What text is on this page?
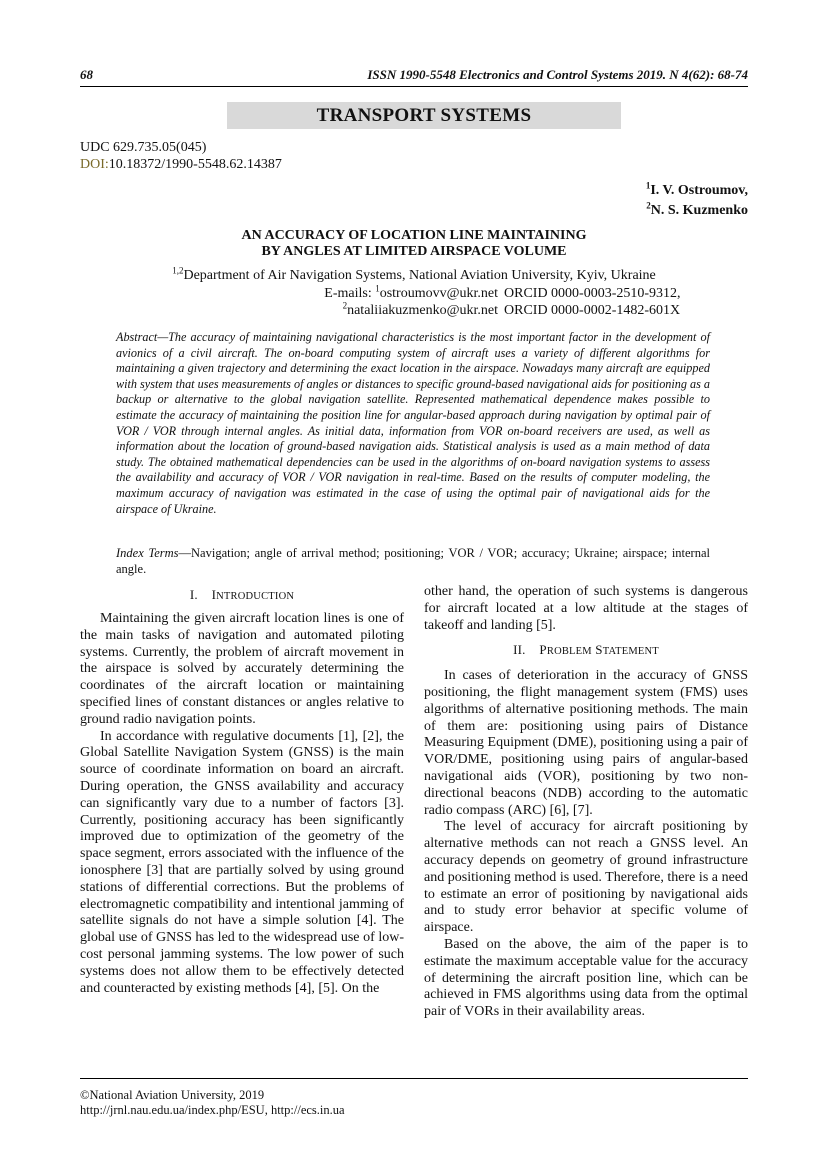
68	ISSN 1990-5548 Electronics and Control Systems 2019. N 4(62): 68-74
TRANSPORT SYSTEMS
UDC 629.735.05(045)
DOI:10.18372/1990-5548.62.14387
$^1$I. V. Ostroumov,
$^2$N. S. Kuzmenko
AN ACCURACY OF LOCATION LINE MAINTAINING
BY ANGLES AT LIMITED AIRSPACE VOLUME
$^{1,2}$Department of Air Navigation Systems, National Aviation University, Kyiv, Ukraine
E-mails: $^1$ostroumovv@ukr.net ORCID 0000-0003-2510-9312,
$^2$nataliiakuzmenko@ukr.net ORCID 0000-0002-1482-601X
Abstract—The accuracy of maintaining navigational characteristics is the most important factor in the development of avionics of a civil aircraft. The on-board computing system of aircraft uses a variety of different algorithms for maintaining a given trajectory and determining the exact location in the airspace. Nowadays many aircraft are equipped with system that uses measurements of angles or distances to specific ground-based navigational aids for positioning as a backup or alternative to the global navigation satellite. Represented mathematical dependence makes possible to estimate the accuracy of maintaining the position line for angular-based approach during navigation by optimal pair of VOR / VOR through internal angles. As initial data, information from VOR on-board receivers are used, as well as information about the location of ground-based navigation aids. Statistical analysis is used as a main method of data study. The obtained mathematical dependencies can be used in the algorithms of on-board navigation systems to assess the availability and accuracy of VOR / VOR navigation in real-time. Based on the results of computer modeling, the maximum accuracy of navigation was estimated in the case of using the optimal pair of navigational aids for the airspace of Ukraine.
Index Terms—Navigation; angle of arrival method; positioning; VOR / VOR; accuracy; Ukraine; airspace; internal angle.
I. INTRODUCTION

Maintaining the given aircraft location lines is one of the main tasks of navigation and automated piloting systems. Currently, the problem of aircraft movement in the airspace is solved by accurately determining the coordinates of the aircraft location or maintaining specified lines of constant distances or angles relative to ground radio navigation points.

In accordance with regulative documents [1], [2], the Global Satellite Navigation System (GNSS) is the main source of coordinate information on board an aircraft. During operation, the GNSS availability and accuracy can significantly vary due to a number of factors [3]. Currently, positioning accuracy has been significantly improved due to optimization of the geometry of the space segment, errors associated with the influence of the ionosphere [3] that are partially solved by using ground stations of differential corrections. But the problems of electromagnetic compatibility and intentional jamming of satellite signals do not have a simple solution [4]. The global use of GNSS has led to the widespread use of low-cost personal jamming systems. The low power of such systems does not allow them to be effectively detected and counteracted by existing methods [4], [5]. On the

other hand, the operation of such systems is dangerous for aircraft located at a low altitude at the stages of takeoff and landing [5].

II. PROBLEM STATEMENT

In cases of deterioration in the accuracy of GNSS positioning, the flight management system (FMS) uses algorithms of alternative positioning methods. The main of them are: positioning using pairs of Distance Measuring Equipment (DME), positioning using a pair of VOR/DME, positioning using pairs of angular-based navigational aids (VOR), positioning by two non-directional beacons (NDB) according to the automatic radio compass (ARC) [6], [7].

The level of accuracy for aircraft positioning by alternative methods can not reach a GNSS level. An accuracy depends on geometry of ground infrastructure and positioning method is used. Therefore, there is a need to estimate an error of positioning by navigational aids and to study error behavior at specific volume of airspace.

Based on the above, the aim of the paper is to estimate the maximum acceptable value for the accuracy of determining the aircraft position line, which can be achieved in FMS algorithms using data from the optimal pair of VORs in their availability areas.

©National Aviation University, 2019
http://jrnl.nau.edu.ua/index.php/ESU, http://ecs.in.ua
